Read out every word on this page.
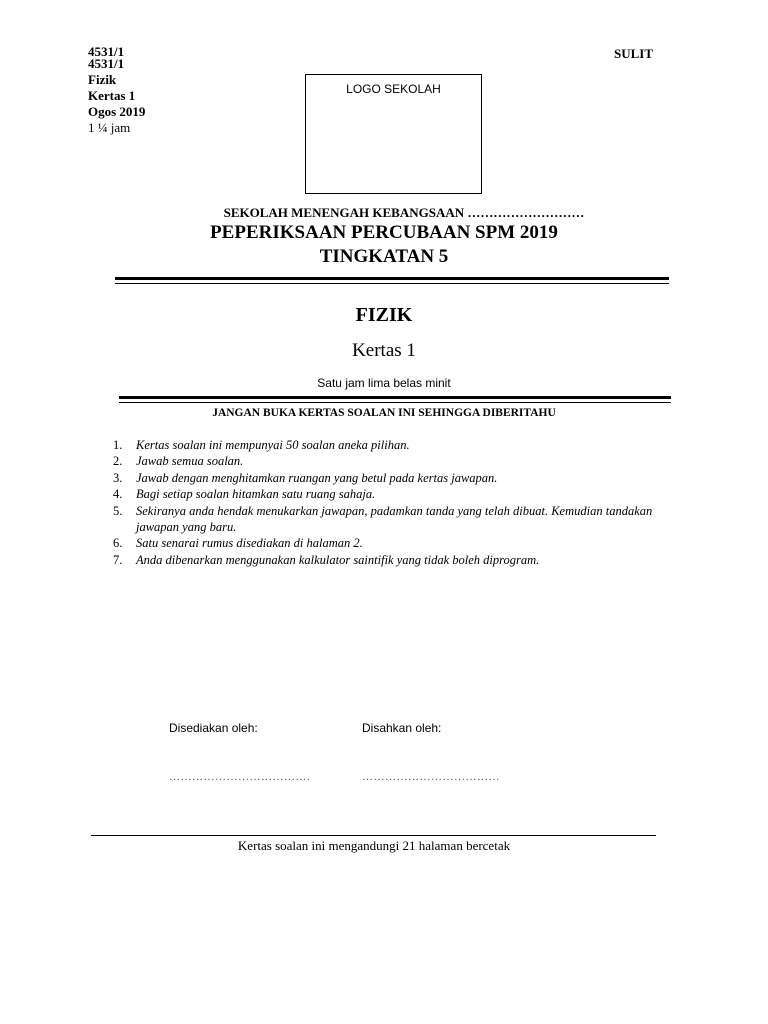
4531/1
4531/1
Fizik
Kertas 1
Ogos 2019
1 ¼ jam
SULIT
LOGO SEKOLAH
SEKOLAH MENENGAH KEBANGSAAN ………………………
PEPERIKSAAN PERCUBAAN SPM 2019
TINGKATAN 5
FIZIK
Kertas 1
Satu jam lima belas minit
JANGAN BUKA KERTAS SOALAN INI SEHINGGA DIBERITAHU
1.	Kertas soalan ini mempunyai 50 soalan aneka pilihan.
2.	Jawab semua soalan.
3.	Jawab dengan menghitamkan ruangan yang betul pada kertas jawapan.
4.	Bagi setiap soalan hitamkan satu ruang sahaja.
5.	Sekiranya anda hendak menukarkan jawapan, padamkan tanda yang telah dibuat. Kemudian tandakan jawapan yang baru.
6.	Satu senarai rumus disediakan di halaman 2.
7.	Anda dibenarkan menggunakan kalkulator saintifik yang tidak boleh diprogram.
Disediakan oleh:	Disahkan oleh:
……………………………….	………………………………
Kertas soalan ini mengandungi 21 halaman bercetak
